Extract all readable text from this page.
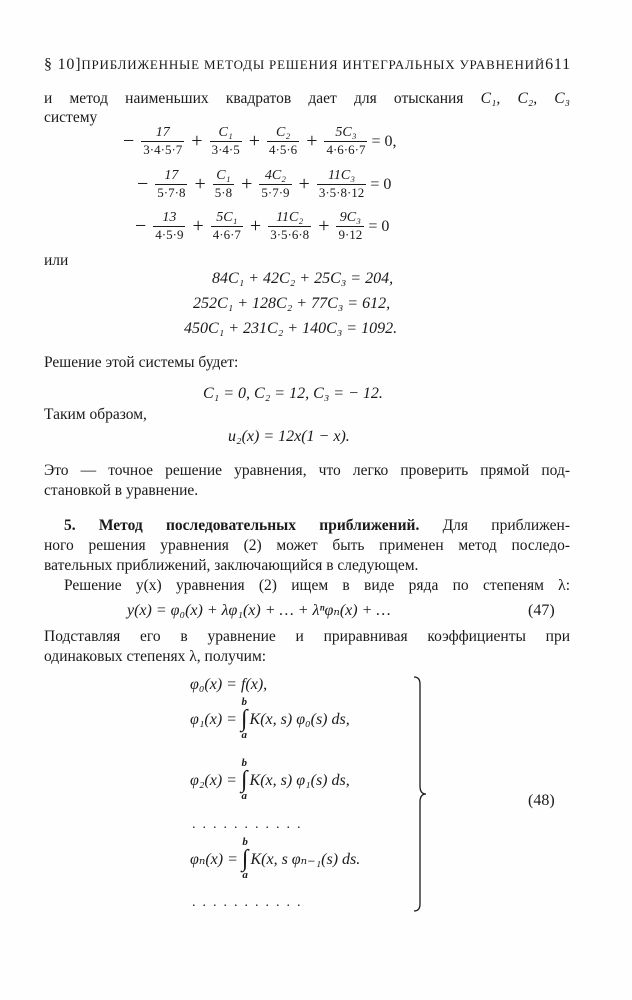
§ 10] ПРИБЛИЖЕННЫЕ МЕТОДЫ РЕШЕНИЯ ИНТЕГРАЛЬНЫХ УРАВНЕНИЙ 611
и метод наименьших квадратов дает для отыскания C₁, C₂, C₃
систему
− $\frac{17}{3\cdot 4\cdot 5\cdot 7} + \frac{\text{C₁}}{3\cdot 4\cdot 5} + \frac{\text{C₂}}{4\cdot 5\cdot 6} + \frac{\text{5C₃}}{4\cdot 6\cdot 6\cdot 7} = 0$,
− $\frac{17}{5\cdot 7\cdot 8} + \frac{\text{C₁}}{5\cdot 8} + \frac{\text{4C₂}}{5\cdot 7\cdot 9} + \frac{\text{11C₃}}{3\cdot 5\cdot 8\cdot 12} = 0$
− $\frac{13}{4\cdot 5\cdot 9} + \frac{\text{5C₁}}{4\cdot 6\cdot 7} + \frac{\text{11C₂}}{3\cdot 5\cdot 6\cdot 8} + \frac{\text{9C₃}}{9\cdot 12} = 0$
или
84C₁ + 42C₂ + 25C₃ = 204,
252C₁ + 128C₂ + 77C₃ = 612,
450C₁ + 231C₂ + 140C₃ = 1092.
Решение этой системы будет:
C₁ = 0, C₂ = 12, C₃ = − 12.
Таким образом,
u₂(x) = 12x(1 − x).
Это — точное решение уравнения, что легко проверить прямой под-
становкой в уравнение.
5. Метод последовательных приближений. Для приближен-
ного решения уравнения (2) может быть применен метод последо-
вательных приближений, заключающийся в следующем.
Решение y(x) уравнения (2) ищем в виде ряда по степеням λ:
y(x) = φ₀(x) + λφ₁(x) + … + λⁿφₙ(x) + …	(47)
Подставляя его в уравнение и приравнивая коэффициенты при
одинаковых степенях λ, получим:
φ₀(x) = f(x),
φ₁(x) =
b
∫
a
K(x, s) φ₀(s) ds,
φ₂(x) =
b
∫
a
K(x, s) φ₁(s) ds,
...........
φₙ(x) =
b
∫
a
K(x, s φₙ₋₁(s) ds.
...........
(48)
